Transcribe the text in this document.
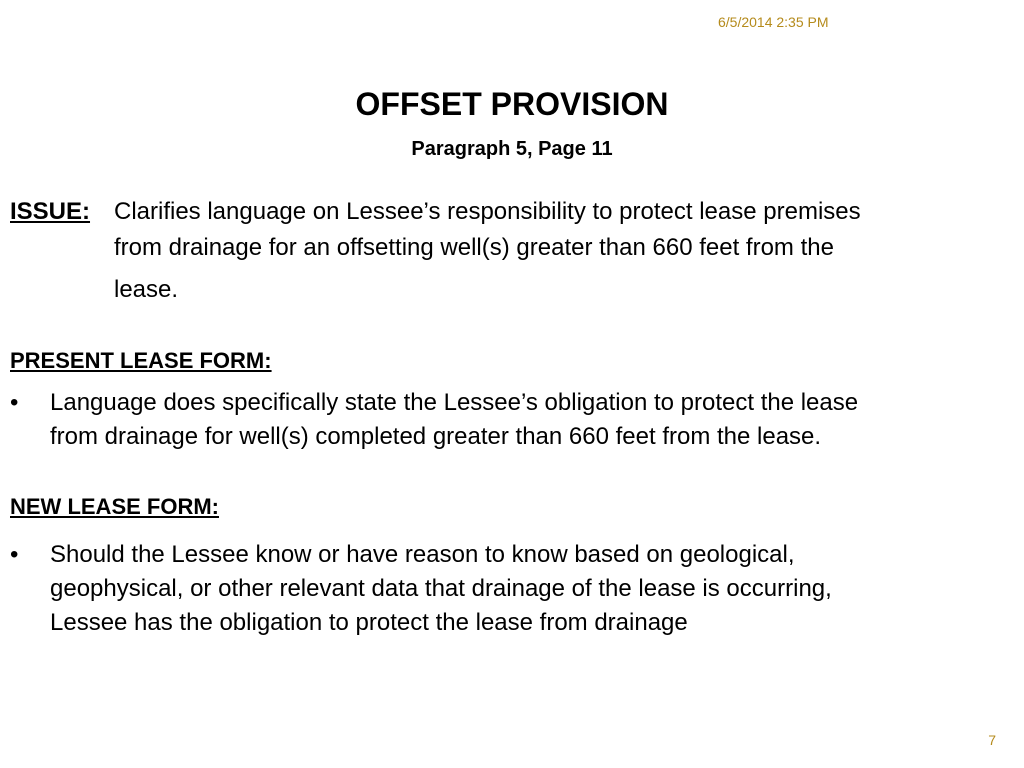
6/5/2014 2:35 PM
OFFSET PROVISION
Paragraph 5, Page 11
ISSUE: Clarifies language on Lessee’s responsibility to protect lease premises
from drainage for an offsetting well(s) greater than 660 feet from the
lease.
PRESENT LEASE FORM:
• Language does specifically state the Lessee’s obligation to protect the lease
from drainage for well(s) completed greater than 660 feet from the lease.
NEW LEASE FORM:
• Should the Lessee know or have reason to know based on geological,
geophysical, or other relevant data that drainage of the lease is occurring,
Lessee has the obligation to protect the lease from drainage
7
